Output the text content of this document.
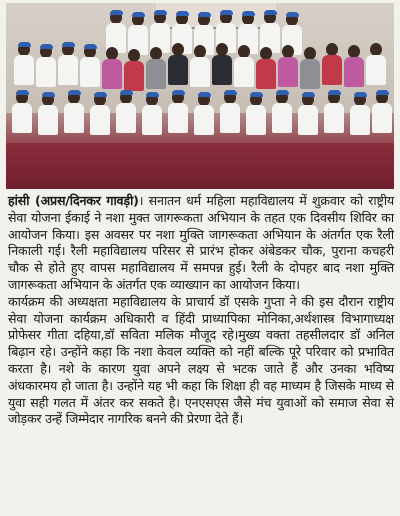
हांसी (अप्रस/दिनकर गावड़ी)। सनातन धर्म महिला महाविद्यालय में शुक्रवार को राष्ट्रीय सेवा योजना ईकाई ने नशा मुक्त जागरूकता अभियान के तहत एक दिवसीय शिविर का आयोजन किया। इस अवसर पर नशा मुक्ति जागरूकता अभियान के अंतर्गत एक रैली निकाली गई। रैली महाविद्यालय परिसर से प्रारंभ होकर अंबेडकर चौक, पुराना कचहरी चौक से होते हुए वापस महाविद्यालय में समपन्न हुई। रैली के दोपहर बाद नशा मुक्ति जागरूकता अभियान के अंतर्गत एक व्याख्यान का आयोजन किया।

कार्यक्रम की अध्यक्षता महाविद्यालय के प्राचार्य डॉ एसके गुप्ता ने की इस दौरान राष्ट्रीय सेवा योजना कार्यक्रम अधिकारी व हिंदी प्राध्यापिका मोनिका,अर्थशास्त्र विभागाध्यक्ष प्रोफेसर गीता दहिया,डॉ सविता मलिक मौजूद रहे।मुख्य वक्ता तहसीलदार डॉ अनिल बिढ़ान रहे। उन्होंने कहा कि नशा केवल व्यक्ति को नहीं बल्कि पूरे परिवार को प्रभावित करता है। नशे के कारण युवा अपने लक्ष्य से भटक जाते हैं और उनका भविष्य अंधकारमय हो जाता है। उन्होंने यह भी कहा कि शिक्षा ही वह माध्यम है जिसके माध्य से युवा सही गलत में अंतर कर सकते है। एनएसएस जैसे मंच युवाओं को समाज सेवा से जोड़कर उन्हें जिम्मेदार नागरिक बनने की प्रेरणा देते हैं।
